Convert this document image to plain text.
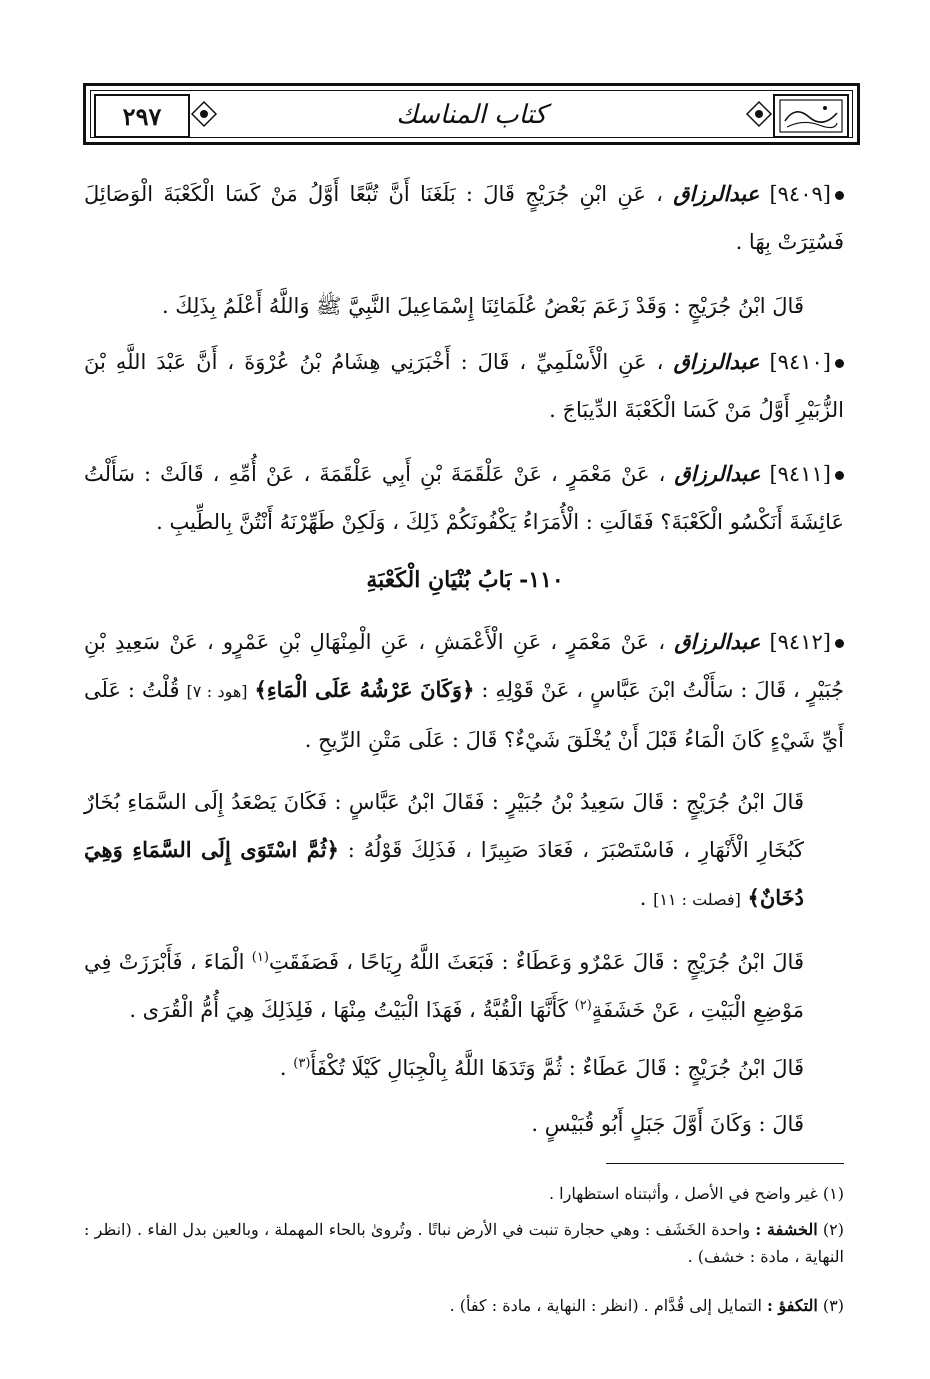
كتاب المناسك
٢٩٧
[٩٤٠٩] عبدالرزاق ، عَنِ ابْنِ جُرَيْجٍ قَالَ : بَلَغَنَا أَنَّ تُبَّعًا أَوَّلُ مَنْ كَسَا الْكَعْبَةَ الْوَصَائِلَ فَسُتِرَتْ بِهَا .
قَالَ ابْنُ جُرَيْجٍ : وَقَدْ زَعَمَ بَعْضُ عُلَمَائِنَا إِسْمَاعِيلَ النَّبِيَّ ﷺ وَاللَّهُ أَعْلَمُ بِذَلِكَ .
[٩٤١٠] عبدالرزاق ، عَنِ الْأَسْلَمِيِّ ، قَالَ : أَخْبَرَنِي هِشَامُ بْنُ عُرْوَةَ ، أَنَّ عَبْدَ اللَّهِ بْنَ الزُّبَيْرِ أَوَّلُ مَنْ كَسَا الْكَعْبَةَ الدِّيبَاجَ .
[٩٤١١] عبدالرزاق ، عَنْ مَعْمَرٍ ، عَنْ عَلْقَمَةَ بْنِ أَبِي عَلْقَمَةَ ، عَنْ أُمِّهِ ، قَالَتْ : سَأَلْتُ عَائِشَةَ أَنَكْسُو الْكَعْبَةَ؟ فَقَالَتِ : الْأُمَرَاءُ يَكْفُونَكُمْ ذَلِكَ ، وَلَكِنْ طَهِّرْنَهُ أَنْتُنَّ بِالطِّيبِ .
١١٠- بَابُ بُنْيَانِ الْكَعْبَةِ
[٩٤١٢] عبدالرزاق ، عَنْ مَعْمَرٍ ، عَنِ الْأَعْمَشِ ، عَنِ الْمِنْهَالِ بْنِ عَمْرٍو ، عَنْ سَعِيدِ بْنِ جُبَيْرٍ ، قَالَ : سَأَلْتُ ابْنَ عَبَّاسٍ ، عَنْ قَوْلِهِ : ﴿وَكَانَ عَرْشُهُ عَلَى الْمَاءِ﴾ [هود : ٧] قُلْتُ : عَلَى أَيِّ شَيْءٍ كَانَ الْمَاءُ قَبْلَ أَنْ يُخْلَقَ شَيْءٌ؟ قَالَ : عَلَى مَتْنِ الرِّيحِ .
قَالَ ابْنُ جُرَيْجٍ : قَالَ سَعِيدُ بْنُ جُبَيْرٍ : فَقَالَ ابْنُ عَبَّاسٍ : فَكَانَ يَصْعَدُ إِلَى السَّمَاءِ بُخَارٌ كَبُخَارِ الْأَنْهَارِ ، فَاسْتَصْبَرَ ، فَعَادَ صَبِيرًا ، فَذَلِكَ قَوْلُهُ : ﴿ثُمَّ اسْتَوَى إِلَى السَّمَاءِ وَهِيَ دُخَانٌ﴾ [فصلت : ١١] .
قَالَ ابْنُ جُرَيْجٍ : قَالَ عَمْرٌو وَعَطَاءٌ : فَبَعَثَ اللَّهُ رِيَاحًا ، فَصَفَقَتِ$^{(١)}$ الْمَاءَ ، فَأَبْرَزَتْ فِي مَوْضِعِ الْبَيْتِ ، عَنْ خَشَفَةٍ$^{(٢)}$ كَأَنَّهَا الْقُبَّةُ ، فَهَذَا الْبَيْتُ مِنْهَا ، فَلِذَلِكَ هِيَ أُمُّ الْقُرَى .
قَالَ ابْنُ جُرَيْجٍ : قَالَ عَطَاءٌ : ثُمَّ وَتَدَهَا اللَّهُ بِالْجِبَالِ كَيْلَا تُكْفَأَ$^{(٣)}$ .
قَالَ : وَكَانَ أَوَّلَ جَبَلٍ أَبُو قُبَيْسٍ .
(١) غير واضح في الأصل ، وأثبتناه استظهارا .
(٢) الخشفة : واحدة الخَشَف : وهي حجارة تنبت في الأرض نباتًا . وتُروىٰ بالحاء المهملة ، وبالعين بدل الفاء . (انظر : النهاية ، مادة : خشف) .
(٣) التكفؤ : التمايل إلى قُدَّام . (انظر : النهاية ، مادة : كفأ) .
